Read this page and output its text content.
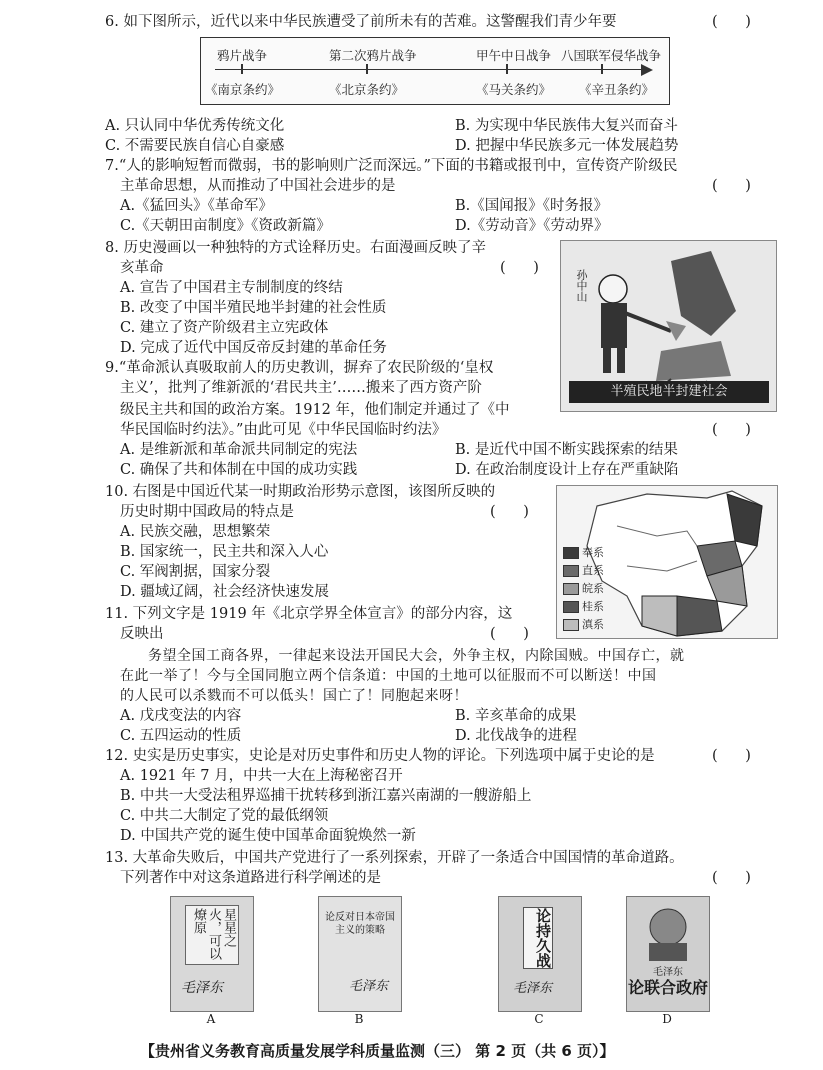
6. 如下图所示，近代以来中华民族遭受了前所未有的苦难。这警醒我们青少年要	(      )
鸦片战争	第二次鸦片战争	甲午中日战争 八国联军侵华战争
《南京条约》	《北京条约》	《马关条约》 《辛丑条约》
A. 只认同中华优秀传统文化	B. 为实现中华民族伟大复兴而奋斗
C. 不需要民族自信心自豪感	D. 把握中华民族多元一体发展趋势
7.“人的影响短暂而微弱，书的影响则广泛而深远。”下面的书籍或报刊中，宣传资产阶级民
主革命思想，从而推动了中国社会进步的是	(      )
A.《猛回头》《革命军》	B.《国闻报》《时务报》
C.《天朝田亩制度》《资政新篇》	D.《劳动音》《劳动界》
8. 历史漫画以一种独特的方式诠释历史。右面漫画反映了辛
亥革命	(      )
A. 宣告了中国君主专制制度的终结
B. 改变了中国半殖民地半封建的社会性质
C. 建立了资产阶级君主立宪政体
D. 完成了近代中国反帝反封建的革命任务
孙中山
半殖民地半封建社会
9.“革命派认真吸取前人的历史教训，摒弃了农民阶级的‘皇权
主义’，批判了维新派的‘君民共主’……搬来了西方资产阶
级民主共和国的政治方案。1912 年，他们制定并通过了《中
华民国临时约法》。”由此可见《中华民国临时约法》	(      )
A. 是维新派和革命派共同制定的宪法	B. 是近代中国不断实践探索的结果
C. 确保了共和体制在中国的成功实践	D. 在政治制度设计上存在严重缺陷
10. 右图是中国近代某一时期政治形势示意图，该图所反映的
历史时期中国政局的特点是	(      )
A. 民族交融，思想繁荣
B. 国家统一，民主共和深入人心
C. 军阀割据，国家分裂
D. 疆域辽阔，社会经济快速发展
奉系
直系
皖系
桂系
滇系
11. 下列文字是 1919 年《北京学界全体宣言》的部分内容，这
反映出	(      )
务望全国工商各界，一律起来设法开国民大会，外争主权，内除国贼。中国存亡，就
在此一举了！今与全国同胞立两个信条道：中国的土地可以征服而不可以断送！中国
的人民可以杀戮而不可以低头！国亡了！同胞起来呀！
A. 戊戌变法的内容	B. 辛亥革命的成果
C. 五四运动的性质	D. 北伐战争的进程
12. 史实是历史事实，史论是对历史事件和历史人物的评论。下列选项中属于史论的是	(      )
A. 1921 年 7 月，中共一大在上海秘密召开
B. 中共一大受法租界巡捕干扰转移到浙江嘉兴南湖的一艘游船上
C. 中共二大制定了党的最低纲领
D. 中国共产党的诞生使中国革命面貌焕然一新
13. 大革命失败后，中国共产党进行了一系列探索，开辟了一条适合中国国情的革命道路。
下列著作中对这条道路进行科学阐述的是	(      )
星星之火，可以燎原
毛泽东
A
论反对日本帝国主义的策略
毛泽东
B
论持久战
毛泽东
C
论联合政府
毛泽东
D
【贵州省义务教育高质量发展学科质量监测（三） 第 2 页（共 6 页）】
